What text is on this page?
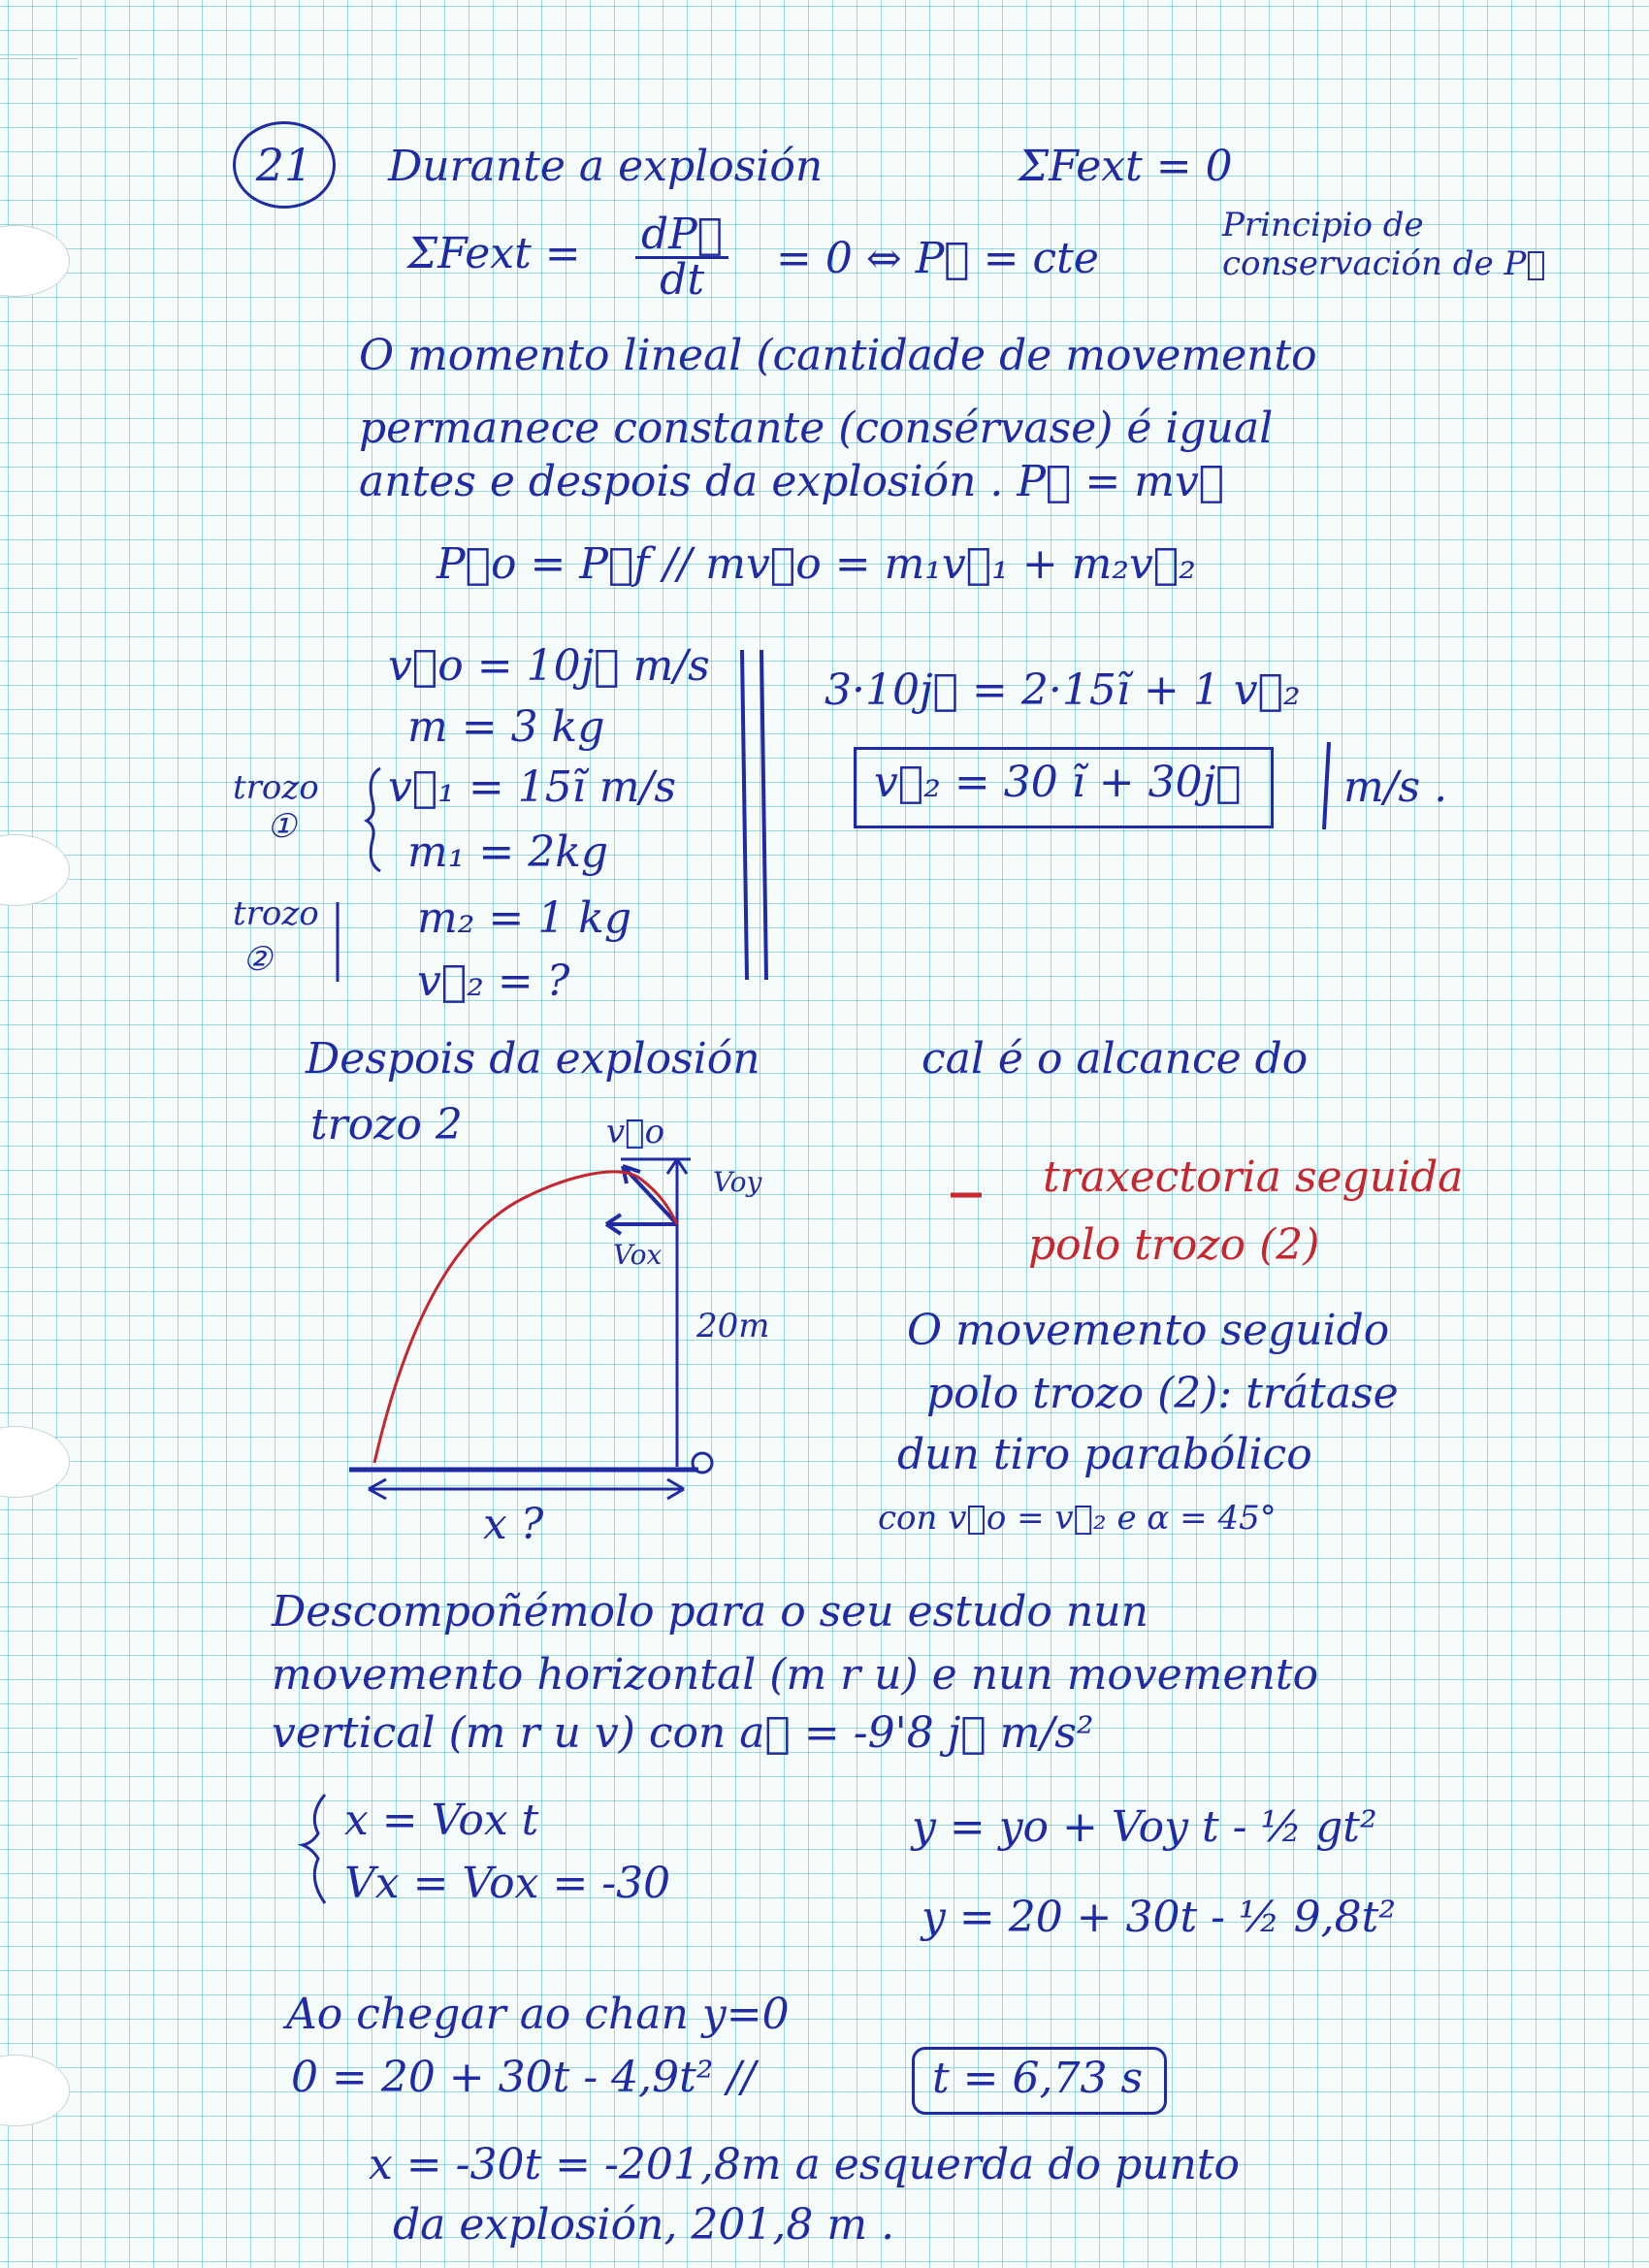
21	Durante a explosión	ΣFext = 0
ΣFext = $\frac{dP⃗}{dt} = 0$ ⇔ P⃗ = cte
Principio de
conservación de P⃗
O momento lineal (cantidade de movemento
permanece constante (consérvase) é igual
antes e despois da explosión . P⃗ = mv⃗
P⃗o = P⃗f // mv⃗o = m₁v⃗₁ + m₂v⃗₂
v⃗o = 10j⃗ m/s
m = 3 kg
trozo
①
v⃗₁ = 15ĩ m/s
m₁ = 2kg
trozo
②
m₂ = 1 kg
v⃗₂ = ?
3·10j⃗ = 2·15ĩ + 1 v⃗₂
v⃗₂ = 30 ĩ + 30j⃗	m/s .
Despois da explosión	cal é o alcance do
trozo 2	v⃗o
Voy
Vox
20m
x ?
traxectoria seguida
polo trozo (2)
O movemento seguido
polo trozo (2): trátase
dun tiro parabólico
con v⃗o = v⃗₂ e α = 45°
Descompoñémolo para o seu estudo nun
movemento horizontal (m r u) e nun movemento
vertical (m r u v) con a⃗ = -9'8 j⃗ m/s²
x = Vox t
Vx = Vox = -30
y = yo + Voy t - ½ gt²
y = 20 + 30t - ½ 9,8t²
Ao chegar ao chan y=0
0 = 20 + 30t - 4,9t² //	t = 6,73 s
x = -30t = -201,8m a esquerda do punto
da explosión, 201,8 m .
